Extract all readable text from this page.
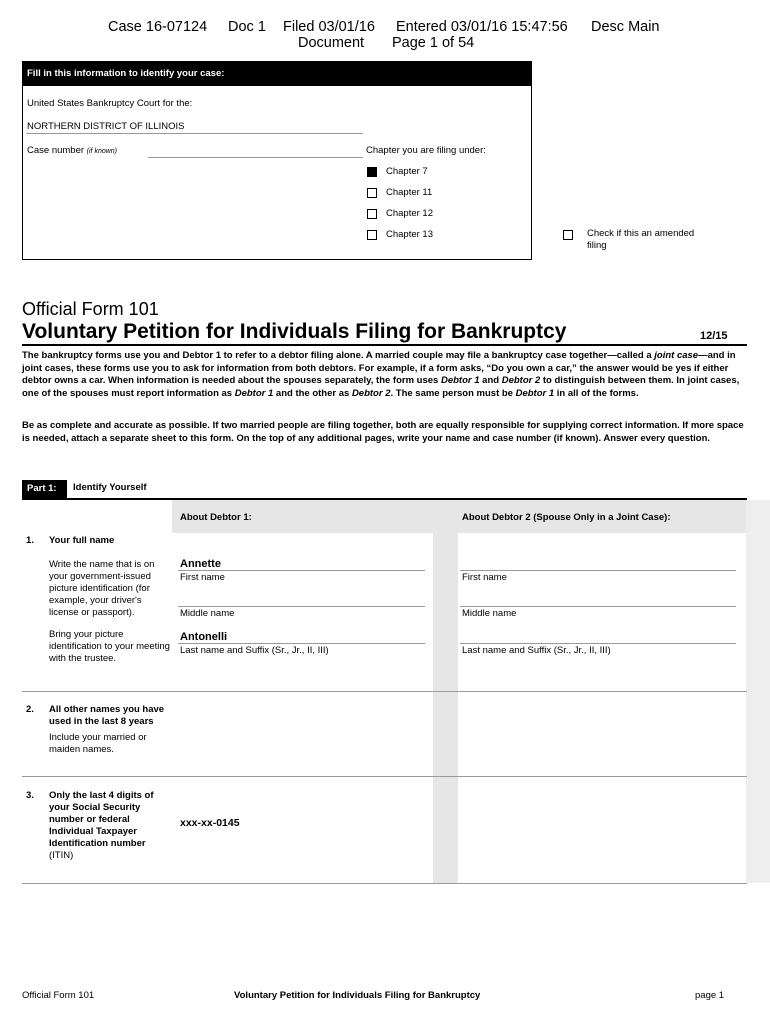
Case 16-07124 Doc 1 Filed 03/01/16 Entered 03/01/16 15:47:56 Desc Main
Document Page 1 of 54
Fill in this information to identify your case:
United States Bankruptcy Court for the:
NORTHERN DISTRICT OF ILLINOIS
Case number (if known)	Chapter you are filing under:
Chapter 7
Chapter 11
Chapter 12
Chapter 13	Check if this an amended
filing
Official Form 101
Voluntary Petition for Individuals Filing for Bankruptcy	12/15

The bankruptcy forms use you and Debtor 1 to refer to a debtor filing alone. A married couple may file a bankruptcy case together—called a joint case—and in joint cases, these forms use you to ask for information from both debtors. For example, if a form asks, “Do you own a car,” the answer would be yes if either debtor owns a car. When information is needed about the spouses separately, the form uses Debtor 1 and Debtor 2 to distinguish between them. In joint cases, one of the spouses must report information as Debtor 1 and the other as Debtor 2. The same person must be Debtor 1 in all of the forms.

Be as complete and accurate as possible. If two married people are filing together, both are equally responsible for supplying correct information. If more space is needed, attach a separate sheet to this form. On the top of any additional pages, write your name and case number (if known). Answer every question.

Part 1:	Identify Yourself
About Debtor 1:	About Debtor 2 (Spouse Only in a Joint Case):
1. Your full name
Write the name that is on your government-issued picture identification (for example, your driver's license or passport).
Bring your picture identification to your meeting with the trustee.
Annette
First name
Middle name
Antonelli
Last name and Suffix (Sr., Jr., II, III)
First name
Middle name
Last name and Suffix (Sr., Jr., II, III)
2. All other names you have used in the last 8 years
Include your married or maiden names.
3. Only the last 4 digits of your Social Security number or federal Individual Taxpayer Identification number
(ITIN)
xxx-xx-0145
Official Form 101	Voluntary Petition for Individuals Filing for Bankruptcy	page 1
